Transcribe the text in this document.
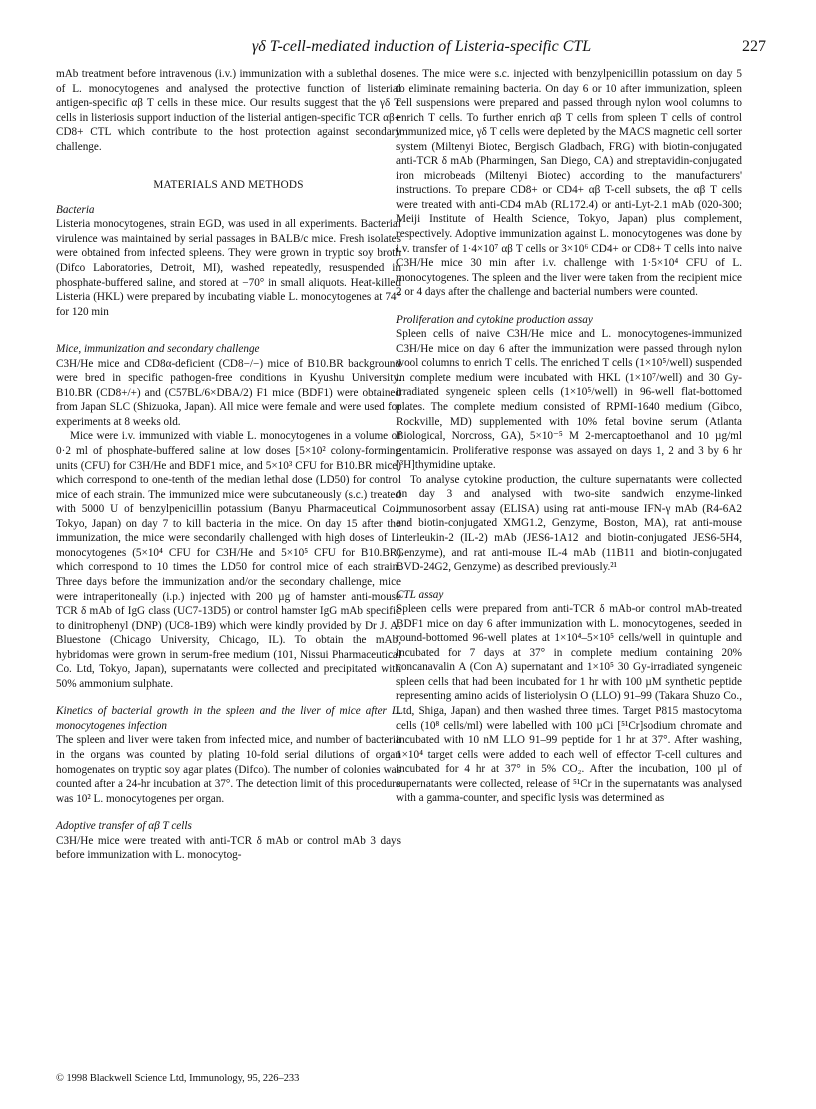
γδ T-cell-mediated induction of Listeria-specific CTL	227

mAb treatment before intravenous (i.v.) immunization with a sublethal dose of L. monocytogenes and analysed the protective function of listerial antigen-specific αβ T cells in these mice. Our results suggest that the γδ T cells in listeriosis support induction of the listerial antigen-specific TCR αβ+ CD8+ CTL which contribute to the host protection against secondary challenge.

MATERIALS AND METHODS
Bacteria

Listeria monocytogenes, strain EGD, was used in all experiments. Bacterial virulence was maintained by serial passages in BALB/c mice. Fresh isolates were obtained from infected spleens. They were grown in tryptic soy broth (Difco Laboratories, Detroit, MI), washed repeatedly, resuspended in phosphate-buffered saline, and stored at −70° in small aliquots. Heat-killed Listeria (HKL) were prepared by incubating viable L. monocytogenes at 74° for 120 min

Mice, immunization and secondary challenge

C3H/He mice and CD8α-deficient (CD8−/−) mice of B10.BR background were bred in specific pathogen-free conditions in Kyushu University. B10.BR (CD8+/+) and (C57BL/6×DBA/2) F1 mice (BDF1) were obtained from Japan SLC (Shizuoka, Japan). All mice were female and were used for experiments at 8 weeks old.

Mice were i.v. immunized with viable L. monocytogenes in a volume of 0·2 ml of phosphate-buffered saline at low doses [5×10² colony-forming units (CFU) for C3H/He and BDF1 mice, and 5×10³ CFU for B10.BR mice) which correspond to one-tenth of the median lethal dose (LD50) for control mice of each strain. The immunized mice were subcutaneously (s.c.) treated with 5000 U of benzylpenicillin potassium (Banyu Pharmaceutical Co., Tokyo, Japan) on day 7 to kill bacteria in the mice. On day 15 after the immunization, the mice were secondarily challenged with high doses of L. monocytogenes (5×10⁴ CFU for C3H/He and 5×10⁵ CFU for B10.BR) which correspond to 10 times the LD50 for control mice of each strain. Three days before the immunization and/or the secondary challenge, mice were intraperitoneally (i.p.) injected with 200 µg of hamster anti-mouse TCR δ mAb of IgG class (UC7-13D5) or control hamster IgG mAb specific to dinitrophenyl (DNP) (UC8-1B9) which were kindly provided by Dr J. A. Bluestone (Chicago University, Chicago, IL). To obtain the mAb, hybridomas were grown in serum-free medium (101, Nissui Pharmaceutical Co. Ltd, Tokyo, Japan), supernatants were collected and precipitated with 50% ammonium sulphate.

Kinetics of bacterial growth in the spleen and the liver of mice after L. monocytogenes infection

The spleen and liver were taken from infected mice, and number of bacteria in the organs was counted by plating 10-fold serial dilutions of organ homogenates on tryptic soy agar plates (Difco). The number of colonies was counted after a 24-hr incubation at 37°. The detection limit of this procedure was 10² L. monocytogenes per organ.

Adoptive transfer of αβ T cells

C3H/He mice were treated with anti-TCR δ mAb or control mAb 3 days before immunization with L. monocytog-

enes. The mice were s.c. injected with benzylpenicillin potassium on day 5 to eliminate remaining bacteria. On day 6 or 10 after immunization, spleen cell suspensions were prepared and passed through nylon wool columns to enrich T cells. To further enrich αβ T cells from spleen T cells of control immunized mice, γδ T cells were depleted by the MACS magnetic cell sorter system (Miltenyi Biotec, Bergisch Gladbach, FRG) with biotin-conjugated anti-TCR δ mAb (Pharmingen, San Diego, CA) and streptavidin-conjugated iron microbeads (Miltenyi Biotec) according to the manufacturers' instructions. To prepare CD8+ or CD4+ αβ T-cell subsets, the αβ T cells were treated with anti-CD4 mAb (RL172.4) or anti-Lyt-2.1 mAb (020-300; Meiji Institute of Health Science, Tokyo, Japan) plus complement, respectively. Adoptive immunization against L. monocytogenes was done by i.v. transfer of 1·4×10⁷ αβ T cells or 3×10⁶ CD4+ or CD8+ T cells into naive C3H/He mice 30 min after i.v. challenge with 1·5×10⁴ CFU of L. monocytogenes. The spleen and the liver were taken from the recipient mice 2 or 4 days after the challenge and bacterial numbers were counted.

Proliferation and cytokine production assay

Spleen cells of naive C3H/He mice and L. monocytogenes-immunized C3H/He mice on day 6 after the immunization were passed through nylon wool columns to enrich T cells. The enriched T cells (1×10⁵/well) suspended in complete medium were incubated with HKL (1×10⁷/well) and 30 Gy-irradiated syngeneic spleen cells (1×10⁵/well) in 96-well flat-bottomed plates. The complete medium consisted of RPMI-1640 medium (Gibco, Rockville, MD) supplemented with 10% fetal bovine serum (Atlanta Biological, Norcross, GA), 5×10⁻⁵ M 2-mercaptoethanol and 10 µg/ml gentamicin. Proliferative response was assayed on days 1, 2 and 3 by 6 hr [³H]thymidine uptake.

To analyse cytokine production, the culture supernatants were collected on day 3 and analysed with two-site sandwich enzyme-linked immunosorbent assay (ELISA) using rat anti-mouse IFN-γ mAb (R4-6A2 and biotin-conjugated XMG1.2, Genzyme, Boston, MA), rat anti-mouse interleukin-2 (IL-2) mAb (JES6-1A12 and biotin-conjugated JES6-5H4, Genzyme), and rat anti-mouse IL-4 mAb (11B11 and biotin-conjugated BVD-24G2, Genzyme) as described previously.²¹

CTL assay

Spleen cells were prepared from anti-TCR δ mAb-or control mAb-treated BDF1 mice on day 6 after immunization with L. monocytogenes, seeded in round-bottomed 96-well plates at 1×10⁴–5×10⁵ cells/well in quintuple and incubated for 7 days at 37° in complete medium containing 20% concanavalin A (Con A) supernatant and 1×10⁵ 30 Gy-irradiated syngeneic spleen cells that had been incubated for 1 hr with 100 µM synthetic peptide representing amino acids of listeriolysin O (LLO) 91–99 (Takara Shuzo Co., Ltd, Shiga, Japan) and then washed three times. Target P815 mastocytoma cells (10⁸ cells/ml) were labelled with 100 µCi [⁵¹Cr]sodium chromate and incubated with 10 nM LLO 91–99 peptide for 1 hr at 37°. After washing, 1×10⁴ target cells were added to each well of effector T-cell cultures and incubated for 4 hr at 37° in 5% CO₂. After the incubation, 100 µl of supernatants were collected, release of ⁵¹Cr in the supernatants was analysed with a gamma-counter, and specific lysis was determined as

© 1998 Blackwell Science Ltd, Immunology, 95, 226–233
